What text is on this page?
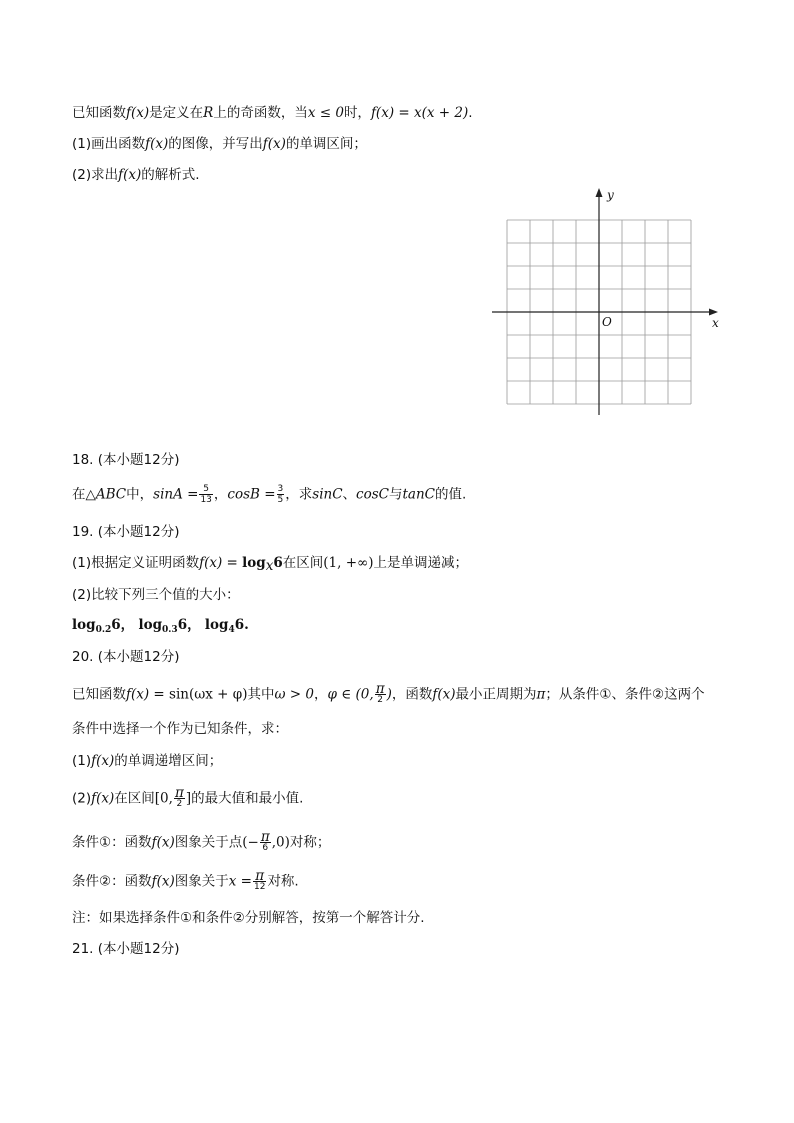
已知函数f(x)是定义在R上的奇函数，当x ≤ 0时，f(x) = x(x + 2).
(1)画出函数f(x)的图像，并写出f(x)的单调区间；
(2)求出f(x)的解析式.
y
x
O
18. (本小题12分)
在△ABC中，$\sin A = \frac{5}{13}$ ，$\cos B = \frac{3}{5}$ ，求sinC、cosC与tanC的值.
19. (本小题12分)
(1)根据定义证明函数$f(x) = \log_x6$在区间(1, +∞)上是单调递减；
(2)比较下列三个值的大小：
$\log_{0.2}6$， $\log_{0.3}6$， $\log_46$.
20. (本小题12分)
已知函数f(x) = sin(ωx + φ)其中ω > 0，φ ∈ (0, $\frac{\pi}{2}$ )，函数f(x)最小正周期为π；从条件①、条件②这两个
条件中选择一个作为已知条件，求：
(1)f(x)的单调递增区间；
(2)f(x)在区间[0, $\frac{\pi}{2}$ ]的最大值和最小值.
条件①：函数f(x)图象关于点(− $\frac{\pi}{6} ,0$)对称；
条件②：函数f(x)图象关于$x = \frac{\pi}{12}$ 对称.
注：如果选择条件①和条件②分别解答，按第一个解答计分.
21. (本小题12分)
